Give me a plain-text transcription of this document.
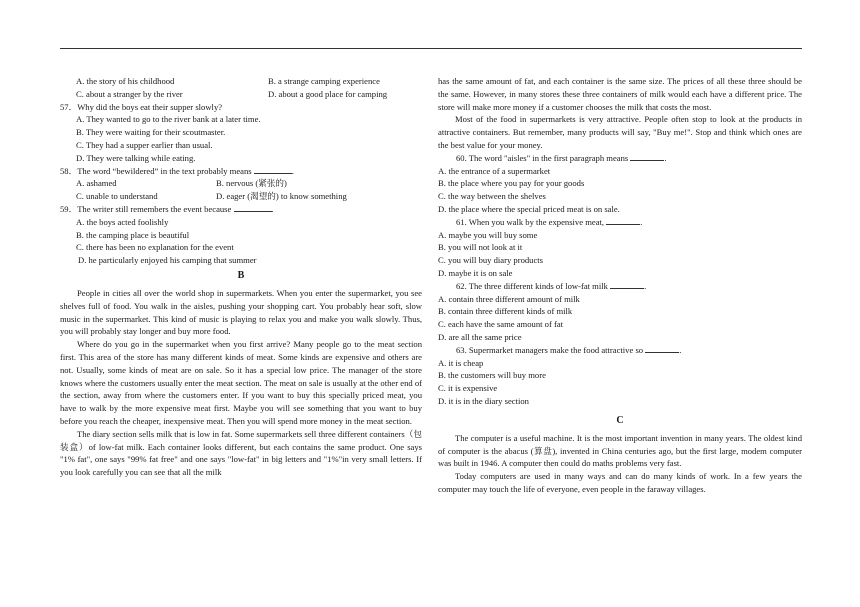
A. the story of his childhood	B. a strange camping experience
C. about a stranger by the river	D. about a good place for camping
57．Why did the boys eat their supper slowly?
A. They wanted to go to the river bank at a later time.
B. They were waiting for their scoutmaster.
C. They had a supper earlier than usual.
D. They were talking while eating.
58．The word “bewildered” in the text probably means	.
A. ashamed	B. nervous (紧张的)
C. unable to understand	D. eager (渴望的) to know something
59．The writer still remembers the event because	.
A. the boys acted foolishly
B. the camping place is beautiful
C. there has been no explanation for the event
D. he particularly enjoyed his camping that summer
B
People in cities all over the world shop in supermarkets. When you enter the supermarket, you see shelves full of food. You walk in the aisles, pushing your shopping cart. You probably hear soft, slow music in the supermarket. This kind of music is playing to relax you and make you walk slowly. Thus, you will probably stay longer and buy more food.
Where do you go in the supermarket when you first arrive? Many people go to the meat section first. This area of the store has many different kinds of meat. Some kinds are expensive and others are not. Usually, some kinds of meat are on sale. So it has a special low price. The manager of the store knows where the customers usually enter the meat section. The meat on sale is usually at the other end of the section, away from where the customers enter. If you want to buy this specially priced meat, you have to walk by the more expensive meat first. Maybe you will see something that you want to buy before you reach the cheaper, inexpensive meat. Then you will spend more money in the meat section.
The diary section sells milk that is low in fat. Some supermarkets sell three different containers（包装盒）of low-fat milk. Each container looks different, but each contains the same product. One says "1% fat", one says "99% fat free" and one says "low-fat" in big letters and "1%"in very small letters. If you look carefully you can see that all the milk
has the same amount of fat, and each container is the same size. The prices of all these three should be the same. However, in many stores these three containers of milk would each have a different price. The store will make more money if a customer chooses the milk that costs the most.
Most of the food in supermarkets is very attractive. People often stop to look at the products in attractive containers. But remember, many products will say, "Buy me!". Stop and think which ones are the best value for your money.
60. The word "aisles" in the first paragraph means	.
A. the entrance of a supermarket
B. the place where you pay for your goods
C. the way between the shelves
D. the place where the special priced meat is on sale.
61. When you walk by the expensive meat,	.
A. maybe you will buy some
B. you will not look at it
C. you will buy diary products
D. maybe it is on sale
62. The three different kinds of low-fat milk	.
A. contain three different amount of milk
B. contain three different kinds of milk
C. each have the same amount of fat
D. are all the same price
63. Supermarket managers make the food attractive so	.
A. it is cheap
B. the customers will buy more
C. it is expensive
D. it is in the diary section
C
The computer is a useful machine. It is the most important invention in many years. The oldest kind of computer is the abacus (算盘), invented in China centuries ago, but the first large, modem computer was built in 1946. A computer then could do maths problems very fast.
Today computers are used in many ways and can do many kinds of work. In a few years the computer may touch the life of everyone, even people in the faraway villages.
